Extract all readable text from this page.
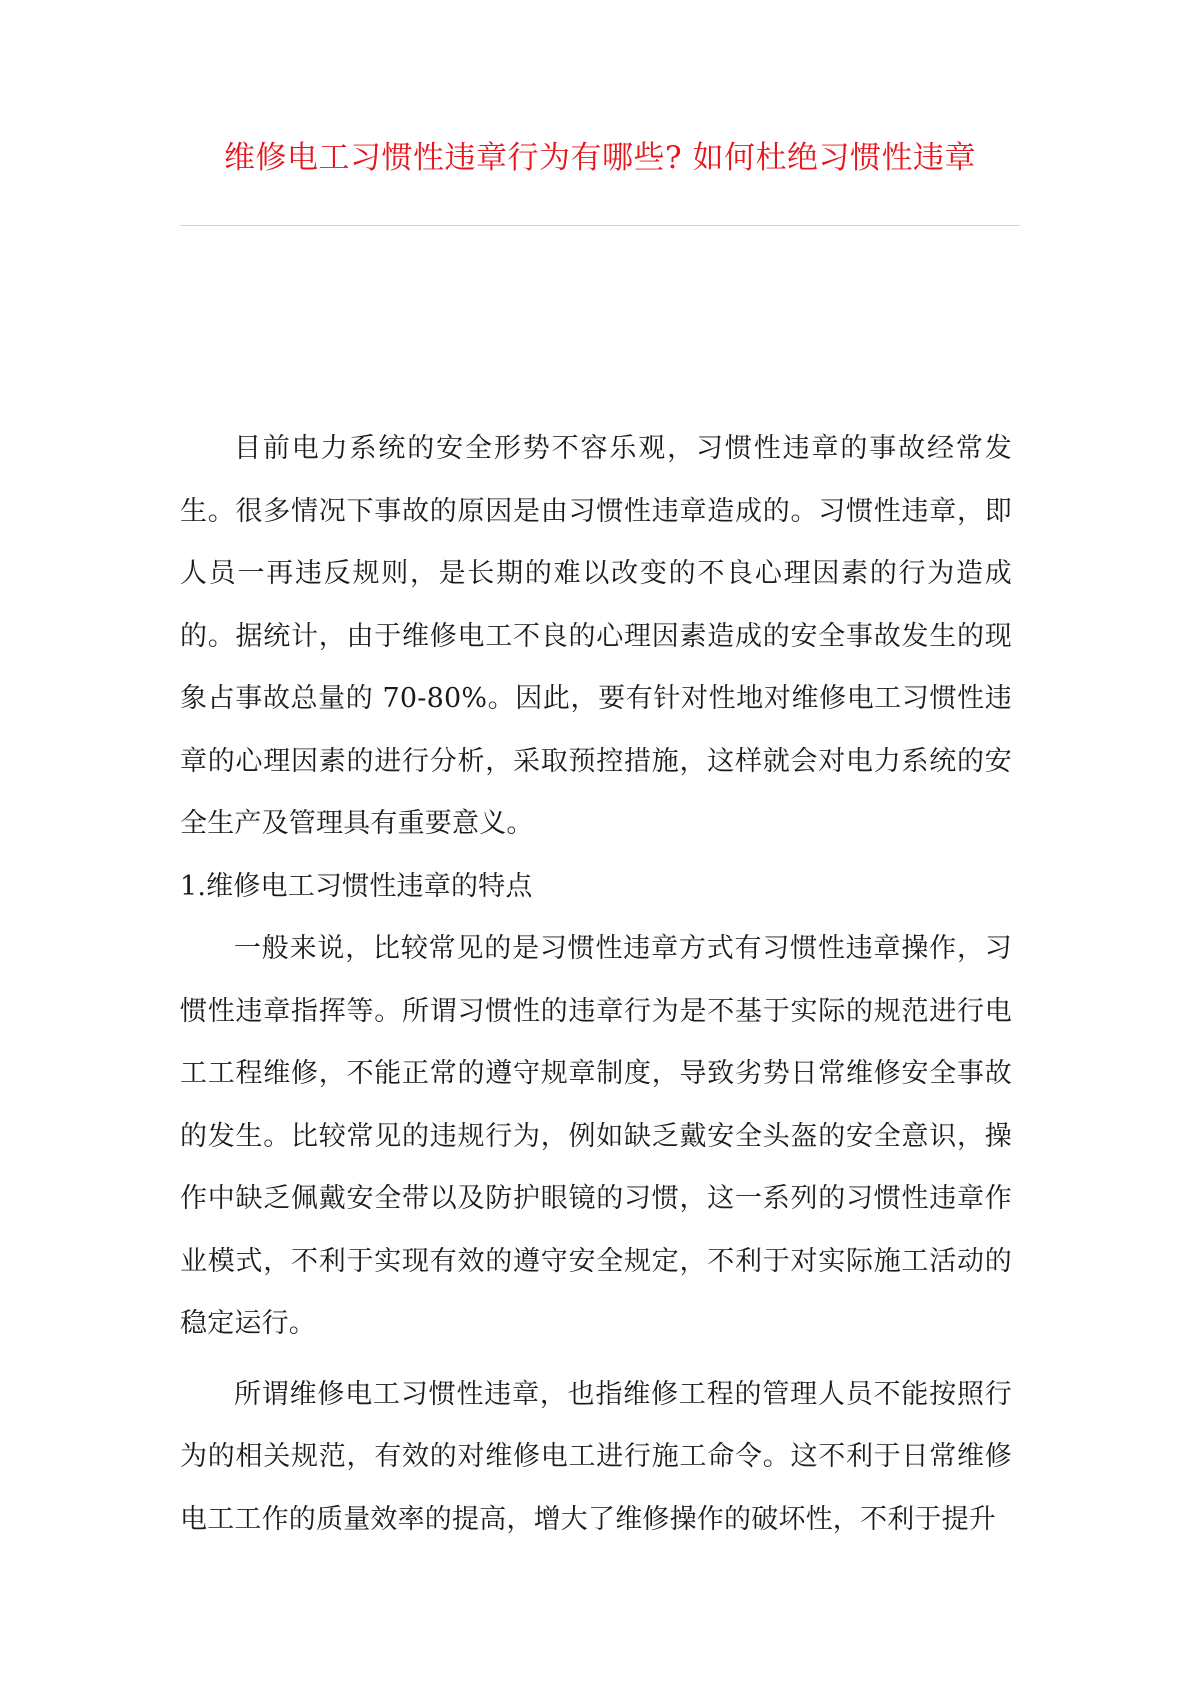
维修电工习惯性违章行为有哪些? 如何杜绝习惯性违章

目前电力系统的安全形势不容乐观，习惯性违章的事故经常发生。很多情况下事故的原因是由习惯性违章造成的。习惯性违章，即人员一再违反规则，是长期的难以改变的不良心理因素的行为造成的。据统计，由于维修电工不良的心理因素造成的安全事故发生的现象占事故总量的 70-80%。因此，要有针对性地对维修电工习惯性违章的心理因素的进行分析，采取预控措施，这样就会对电力系统的安全生产及管理具有重要意义。

1.维修电工习惯性违章的特点

一般来说，比较常见的是习惯性违章方式有习惯性违章操作，习惯性违章指挥等。所谓习惯性的违章行为是不基于实际的规范进行电工工程维修，不能正常的遵守规章制度，导致劣势日常维修安全事故的发生。比较常见的违规行为，例如缺乏戴安全头盔的安全意识，操作中缺乏佩戴安全带以及防护眼镜的习惯，这一系列的习惯性违章作业模式，不利于实现有效的遵守安全规定，不利于对实际施工活动的稳定运行。

所谓维修电工习惯性违章，也指维修工程的管理人员不能按照行为的相关规范，有效的对维修电工进行施工命令。这不利于日常维修电工工作的质量效率的提高，增大了维修操作的破坏性，不利于提升
